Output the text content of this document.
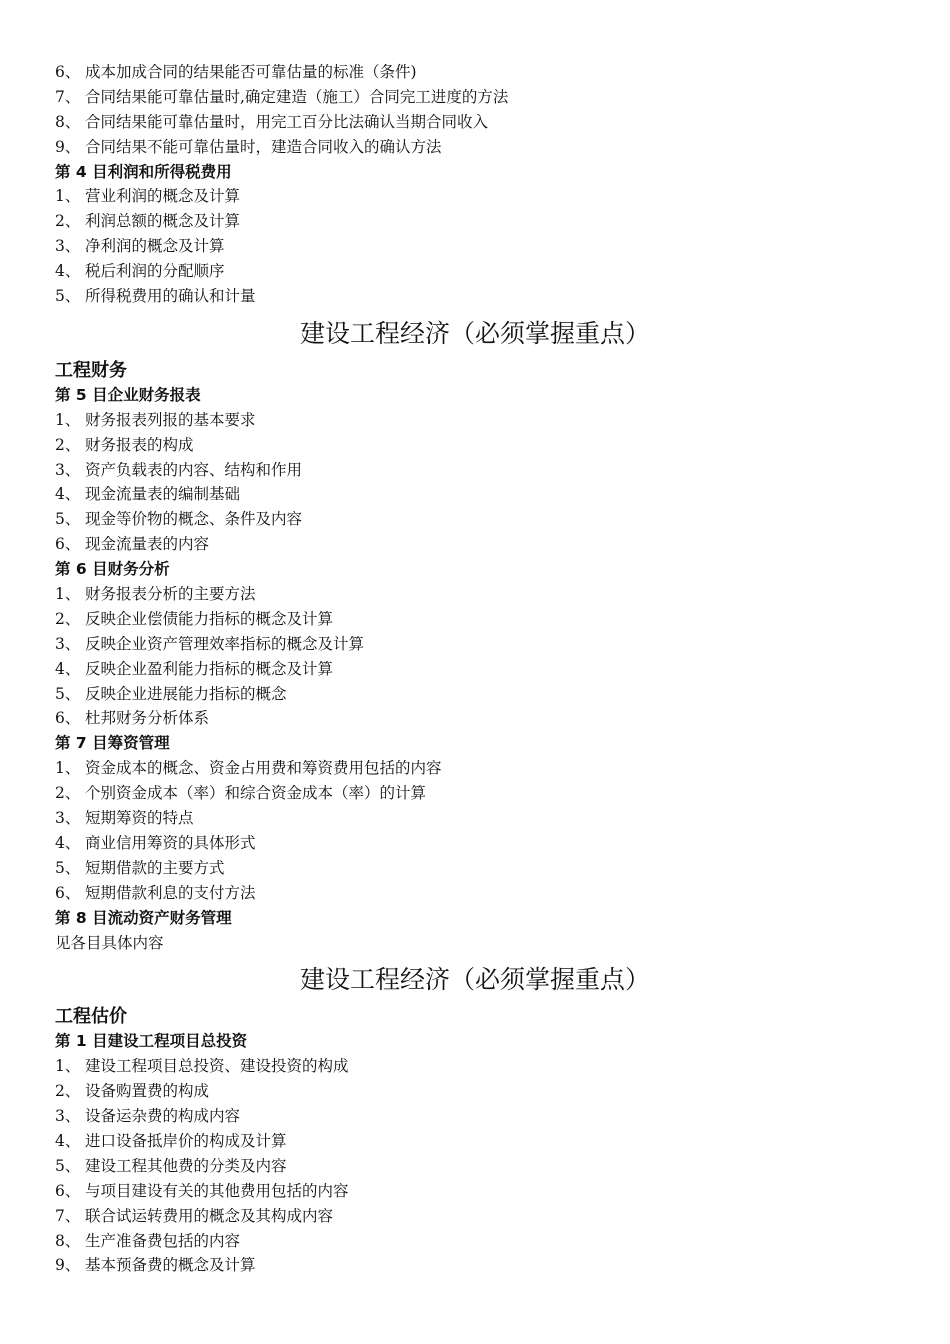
6、 成本加成合同的结果能否可靠估量的标准（条件)
7、 合同结果能可靠估量时,确定建造（施工）合同完工进度的方法
8、 合同结果能可靠估量时，用完工百分比法确认当期合同收入
9、 合同结果不能可靠估量时，建造合同收入的确认方法
第 4 目利润和所得税费用
1、 营业利润的概念及计算
2、 利润总额的概念及计算
3、 净利润的概念及计算
4、 税后利润的分配顺序
5、 所得税费用的确认和计量
建设工程经济（必须掌握重点）
工程财务
第 5 目企业财务报表
1、 财务报表列报的基本要求
2、 财务报表的构成
3、 资产负载表的内容、结构和作用
4、 现金流量表的编制基础
5、 现金等价物的概念、条件及内容
6、 现金流量表的内容
第 6 目财务分析
1、 财务报表分析的主要方法
2、 反映企业偿债能力指标的概念及计算
3、 反映企业资产管理效率指标的概念及计算
4、 反映企业盈利能力指标的概念及计算
5、 反映企业进展能力指标的概念
6、 杜邦财务分析体系
第 7 目筹资管理
1、 资金成本的概念、资金占用费和筹资费用包括的内容
2、 个别资金成本（率）和综合资金成本（率）的计算
3、 短期筹资的特点
4、 商业信用筹资的具体形式
5、 短期借款的主要方式
6、 短期借款利息的支付方法
第 8 目流动资产财务管理
见各目具体内容
建设工程经济（必须掌握重点）
工程估价
第 1 目建设工程项目总投资
1、 建设工程项目总投资、建设投资的构成
2、 设备购置费的构成
3、 设备运杂费的构成内容
4、 进口设备抵岸价的构成及计算
5、 建设工程其他费的分类及内容
6、 与项目建设有关的其他费用包括的内容
7、 联合试运转费用的概念及其构成内容
8、 生产准备费包括的内容
9、 基本预备费的概念及计算
